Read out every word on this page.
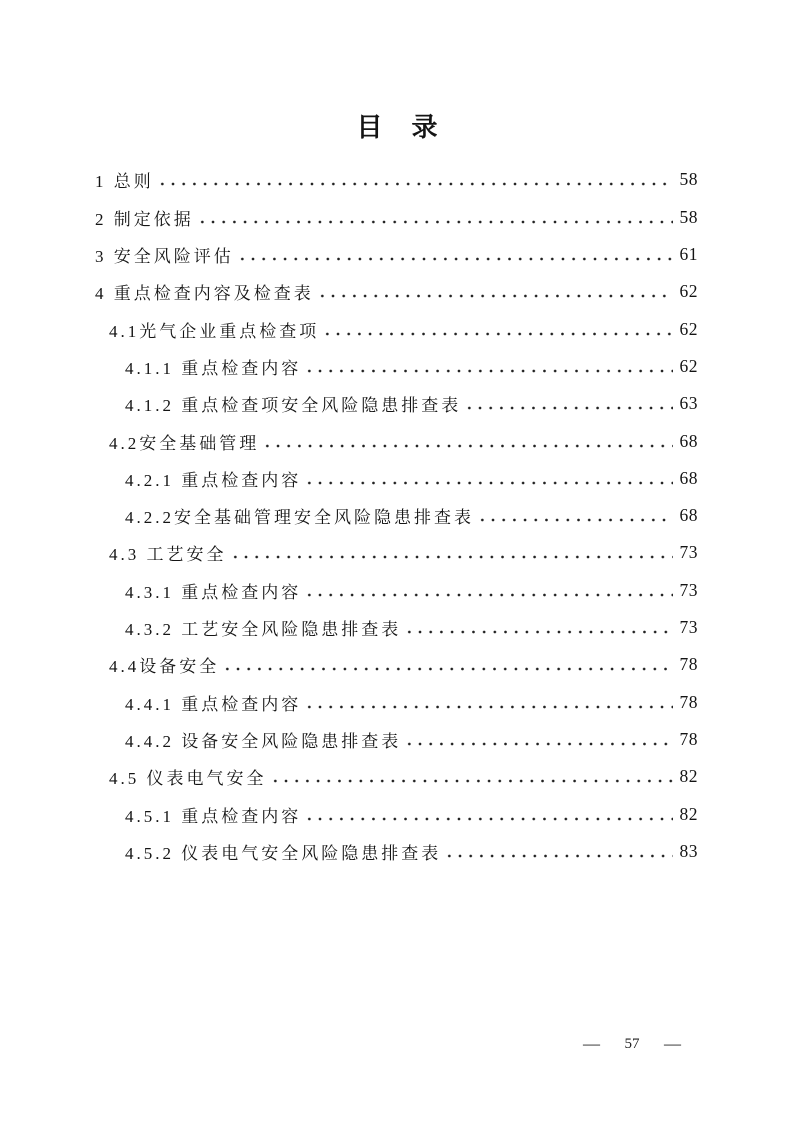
目 录
1 总则	58
2 制定依据	58
3 安全风险评估	61
4 重点检查内容及检查表	62
4.1光气企业重点检查项	62
4.1.1 重点检查内容	62
4.1.2 重点检查项安全风险隐患排查表	63
4.2安全基础管理	68
4.2.1 重点检查内容	68
4.2.2安全基础管理安全风险隐患排查表	68
4.3 工艺安全	73
4.3.1 重点检查内容	73
4.3.2 工艺安全风险隐患排查表	73
4.4设备安全	78
4.4.1 重点检查内容	78
4.4.2 设备安全风险隐患排查表	78
4.5 仪表电气安全	82
4.5.1 重点检查内容	82
4.5.2 仪表电气安全风险隐患排查表	83
— 57 —
